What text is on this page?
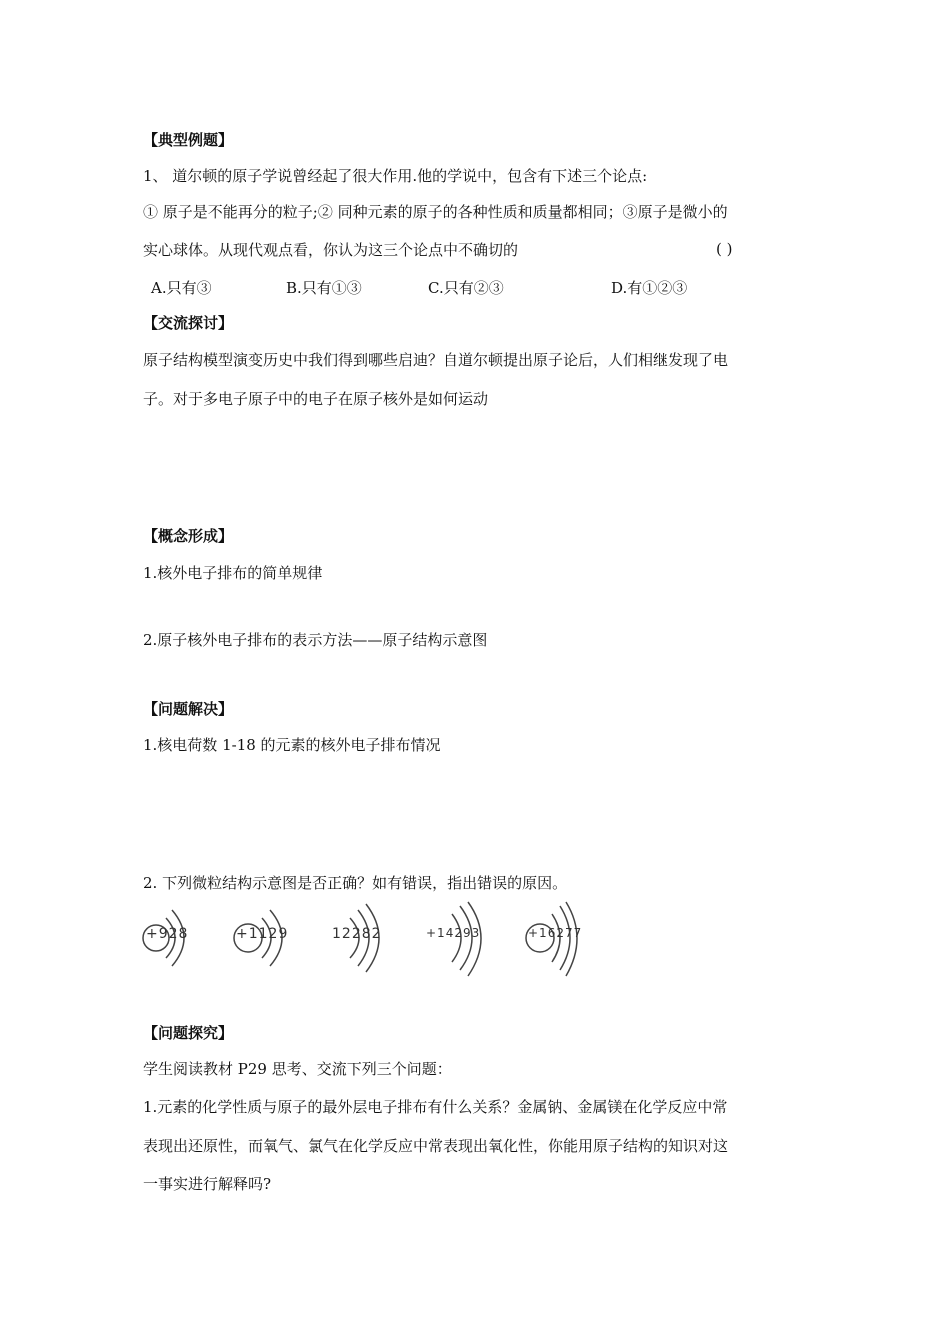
【典型例题】
1、 道尔顿的原子学说曾经起了很大作用.他的学说中，包含有下述三个论点:
① 原子是不能再分的粒子;② 同种元素的原子的各种性质和质量都相同；③原子是微小的
实心球体。从现代观点看，你认为这三个论点中不确切的	( )
A.只有③	B.只有①③	C.只有②③	D.有①②③
【交流探讨】
原子结构模型演变历史中我们得到哪些启迪？自道尔顿提出原子论后，人们相继发现了电
子。对于多电子原子中的电子在原子核外是如何运动
【概念形成】
1.核外电子排布的简单规律
2.原子核外电子排布的表示方法——原子结构示意图
【问题解决】
1.核电荷数 1-18 的元素的核外电子排布情况
2. 下列微粒结构示意图是否正确？如有错误，指出错误的原因。
+928	+1129	12282	+14293	+16277
【问题探究】
学生阅读教材 P29 思考、交流下列三个问题：
1.元素的化学性质与原子的最外层电子排布有什么关系？金属钠、金属镁在化学反应中常
表现出还原性，而氧气、氯气在化学反应中常表现出氧化性，你能用原子结构的知识对这
一事实进行解释吗?
